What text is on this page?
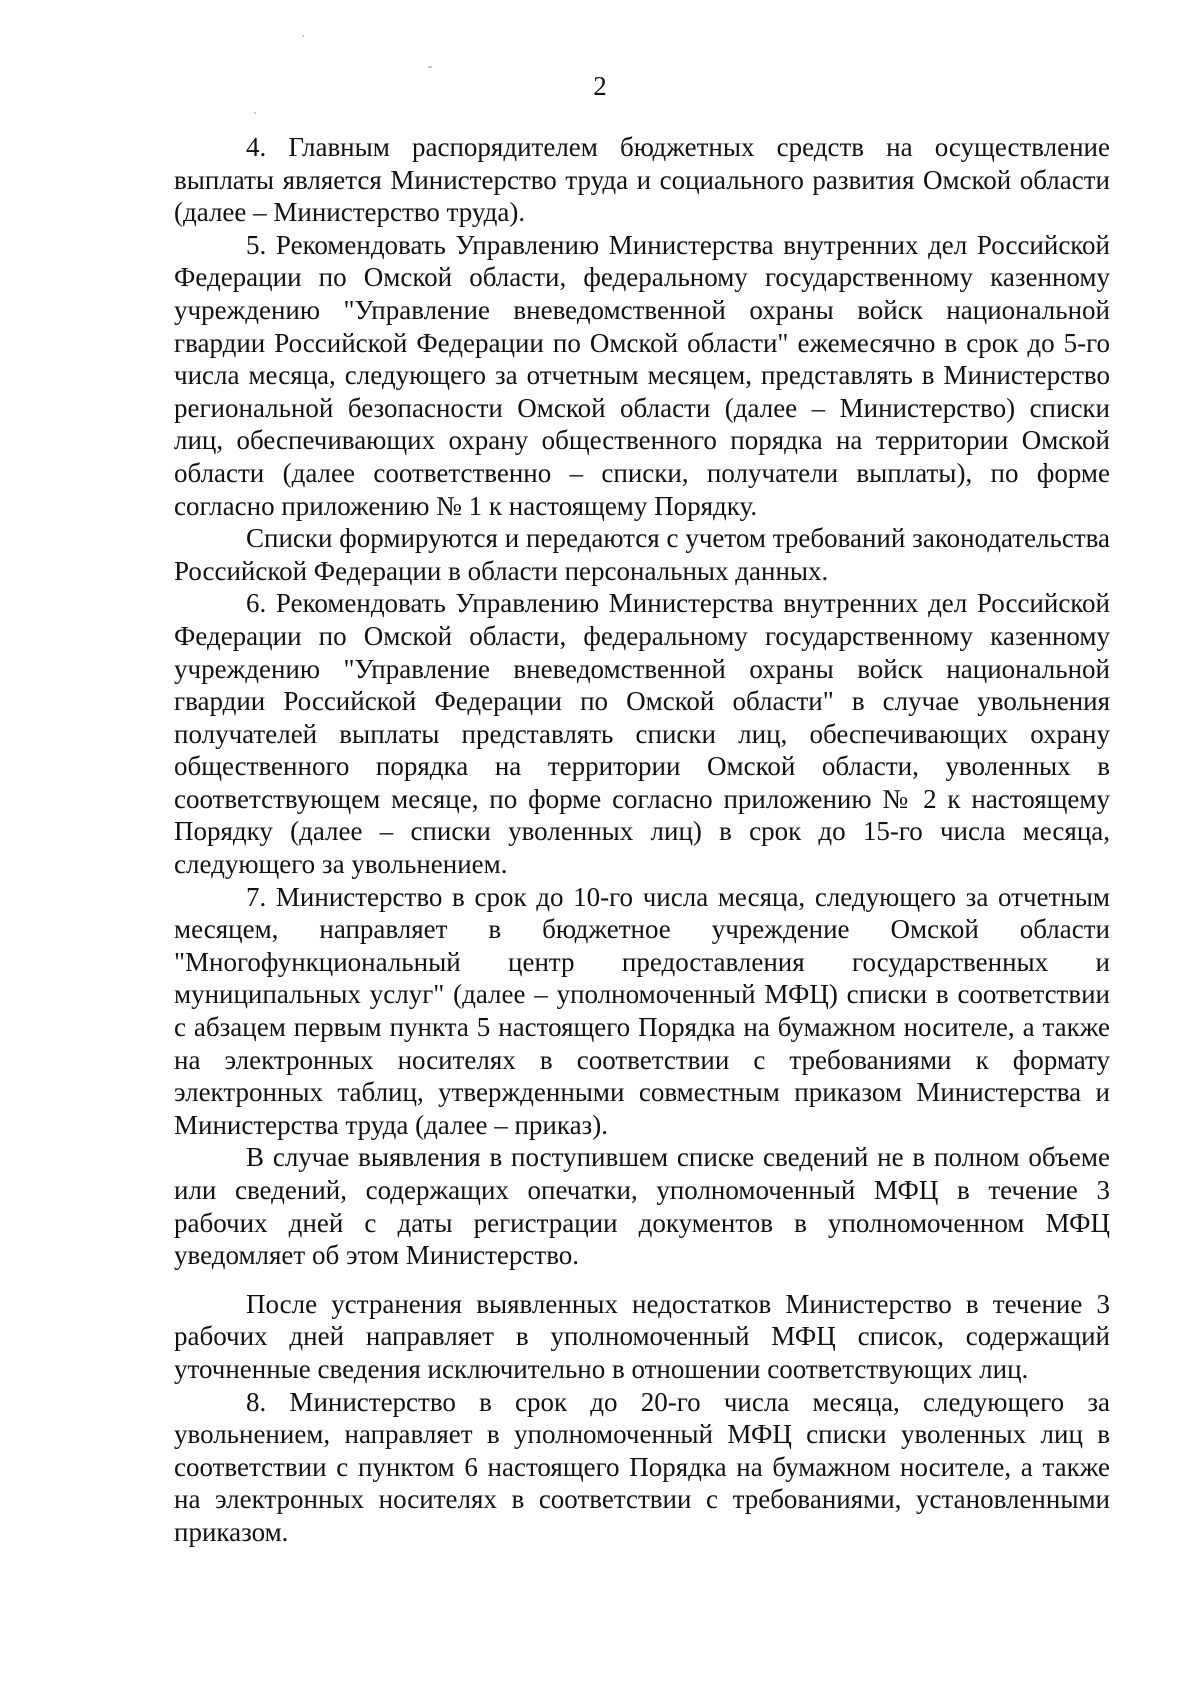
2

4. Главным распорядителем бюджетных средств на осуществление выплаты является Министерство труда и социального развития Омской области (далее – Министерство труда).

5. Рекомендовать Управлению Министерства внутренних дел Российской Федерации по Омской области, федеральному государственному казенному учреждению "Управление вневедомственной охраны войск национальной гвардии Российской Федерации по Омской области" ежемесячно в срок до 5-го числа месяца, следующего за отчетным месяцем, представлять в Министерство региональной безопасности Омской области (далее – Министерство) списки лиц, обеспечивающих охрану общественного порядка на территории Омской области (далее соответственно – списки, получатели выплаты), по форме согласно приложению № 1 к настоящему Порядку.

Списки формируются и передаются с учетом требований законодательства Российской Федерации в области персональных данных.

6. Рекомендовать Управлению Министерства внутренних дел Российской Федерации по Омской области, федеральному государственному казенному учреждению "Управление вневедомственной охраны войск национальной гвардии Российской Федерации по Омской области" в случае увольнения получателей выплаты представлять списки лиц, обеспечивающих охрану общественного порядка на территории Омской области, уволенных в соответствующем месяце, по форме согласно приложению № 2 к настоящему Порядку (далее – списки уволенных лиц) в срок до 15-го числа месяца, следующего за увольнением.

7. Министерство в срок до 10-го числа месяца, следующего за отчетным месяцем, направляет в бюджетное учреждение Омской области "Многофункциональный центр предоставления государственных и муниципальных услуг" (далее – уполномоченный МФЦ) списки в соответствии с абзацем первым пункта 5 настоящего Порядка на бумажном носителе, а также на электронных носителях в соответствии с требованиями к формату электронных таблиц, утвержденными совместным приказом Министерства и Министерства труда (далее – приказ).

В случае выявления в поступившем списке сведений не в полном объеме или сведений, содержащих опечатки, уполномоченный МФЦ в течение 3 рабочих дней с даты регистрации документов в уполномоченном МФЦ уведомляет об этом Министерство.

После устранения выявленных недостатков Министерство в течение 3 рабочих дней направляет в уполномоченный МФЦ список, содержащий уточненные сведения исключительно в отношении соответствующих лиц.

8. Министерство в срок до 20-го числа месяца, следующего за увольнением, направляет в уполномоченный МФЦ списки уволенных лиц в соответствии с пунктом 6 настоящего Порядка на бумажном носителе, а также на электронных носителях в соответствии с требованиями, установленными приказом.
